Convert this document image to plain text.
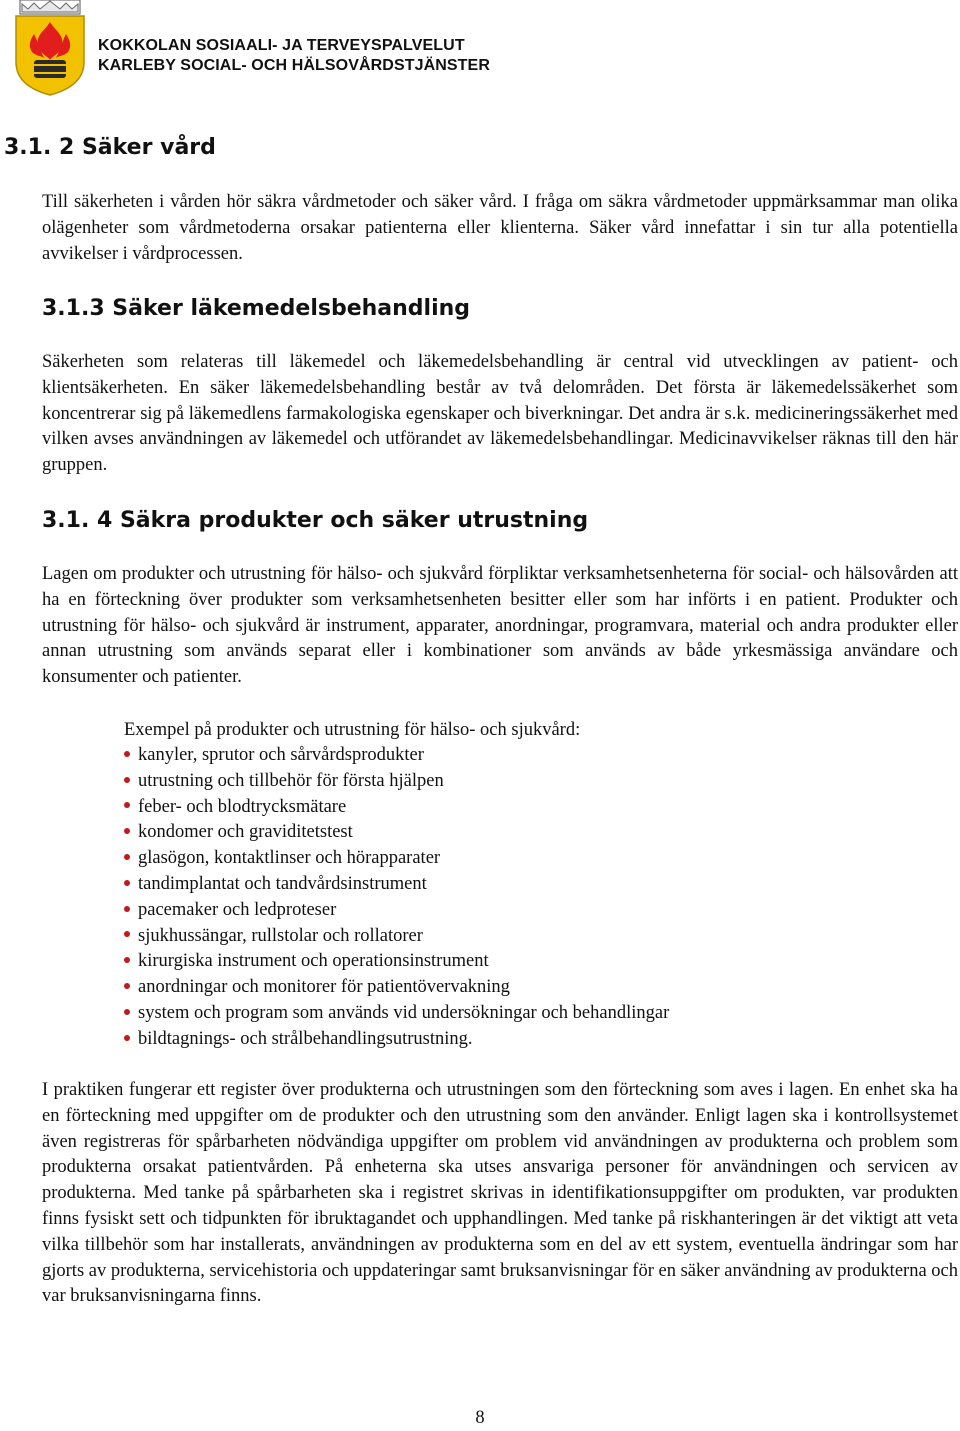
KOKKOLAN SOSIAALI- JA TERVEYSPALVELUT
KARLEBY SOCIAL- OCH HÄLSOVÅRDSTJÄNSTER
3.1. 2 Säker vård

Till säkerheten i vården hör säkra vårdmetoder och säker vård. I fråga om säkra vårdmetoder uppmärksammar man olika olägenheter som vårdmetoderna orsakar patienterna eller klienterna. Säker vård innefattar i sin tur alla potentiella avvikelser i vårdprocessen.

3.1.3 Säker läkemedelsbehandling

Säkerheten som relateras till läkemedel och läkemedelsbehandling är central vid utvecklingen av patient- och klientsäkerheten. En säker läkemedelsbehandling består av två delområden. Det första är läkemedelssäkerhet som koncentrerar sig på läkemedlens farmakologiska egenskaper och biverkningar. Det andra är s.k. medicineringssäkerhet med vilken avses användningen av läkemedel och utförandet av läkemedelsbehandlingar. Medicinavvikelser räknas till den här gruppen.

3.1. 4 Säkra produkter och säker utrustning

Lagen om produkter och utrustning för hälso- och sjukvård förpliktar verksamhetsenheterna för social- och hälsovården att ha en förteckning över produkter som verksamhetsenheten besitter eller som har införts i en patient. Produkter och utrustning för hälso- och sjukvård är instrument, apparater, anordningar, programvara, material och andra produkter eller annan utrustning som används separat eller i kombinationer som används av både yrkesmässiga användare och konsumenter och patienter.

Exempel på produkter och utrustning för hälso- och sjukvård:

kanyler, sprutor och sårvårdsprodukter
utrustning och tillbehör för första hjälpen
feber- och blodtrycksmätare
kondomer och graviditetstest
glasögon, kontaktlinser och hörapparater
tandimplantat och tandvårdsinstrument
pacemaker och ledproteser
sjukhussängar, rullstolar och rollatorer
kirurgiska instrument och operationsinstrument
anordningar och monitorer för patientövervakning
system och program som används vid undersökningar och behandlingar
bildtagnings- och strålbehandlingsutrustning.

I praktiken fungerar ett register över produkterna och utrustningen som den förteckning som aves i lagen. En enhet ska ha en förteckning med uppgifter om de produkter och den utrustning som den använder. Enligt lagen ska i kontrollsystemet även registreras för spårbarheten nödvändiga uppgifter om problem vid användningen av produkterna och problem som produkterna orsakat patientvården. På enheterna ska utses ansvariga personer för användningen och servicen av produkterna. Med tanke på spårbarheten ska i registret skrivas in identifikationsuppgifter om produkten, var produkten finns fysiskt sett och tidpunkten för ibruktagandet och upphandlingen. Med tanke på riskhanteringen är det viktigt att veta vilka tillbehör som har installerats, användningen av produkterna som en del av ett system, eventuella ändringar som har gjorts av produkterna, servicehistoria och uppdateringar samt bruksanvisningar för en säker användning av produkterna och var bruksanvisningarna finns.

8
